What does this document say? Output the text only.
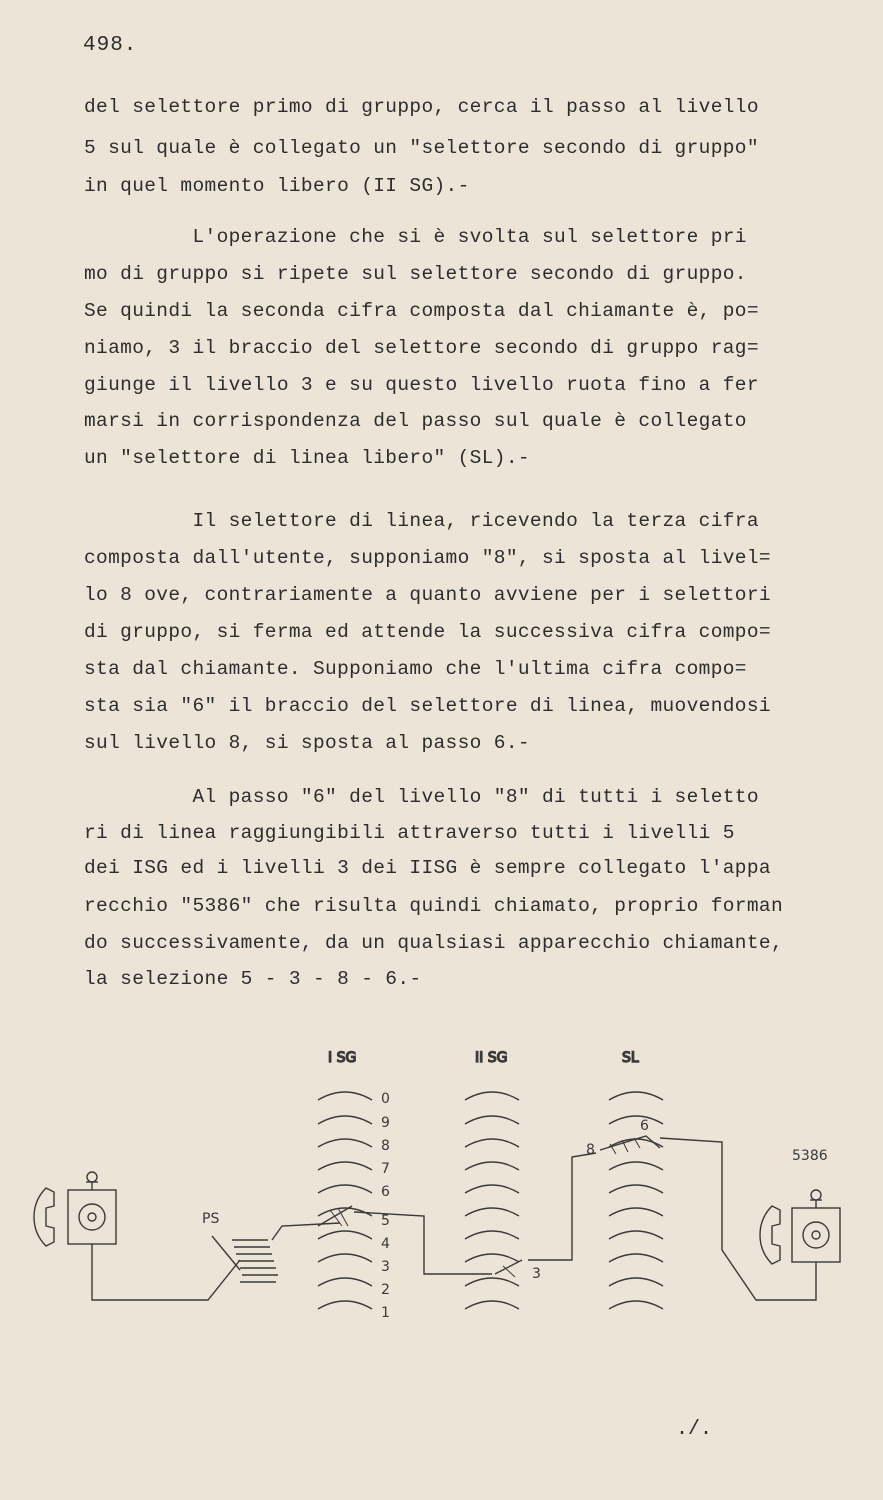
498.
del selettore primo di gruppo, cerca il passo al livello
5 sul quale è collegato un "selettore secondo di gruppo"
in quel momento libero (II SG).-
L'operazione che si è svolta sul selettore pri
mo di gruppo si ripete sul selettore secondo di gruppo.
Se quindi la seconda cifra composta dal chiamante è, po=
niamo, 3 il braccio del selettore secondo di gruppo rag=
giunge il livello 3 e su questo livello ruota fino a fer
marsi in corrispondenza del passo sul quale è collegato
un "selettore di linea libero" (SL).-
Il selettore di linea, ricevendo la terza cifra
composta dall'utente, supponiamo "8", si sposta al livel=
lo 8 ove, contrariamente a quanto avviene per i selettori
di gruppo, si ferma ed attende la successiva cifra compo=
sta dal chiamante. Supponiamo che l'ultima cifra compo=
sta sia "6" il braccio del selettore di linea, muovendosi
sul livello 8, si sposta al passo 6.-
Al passo "6" del livello "8" di tutti i seletto
ri di linea raggiungibili attraverso tutti i livelli 5
dei ISG ed i livelli 3 dei IISG è sempre collegato l'appa
recchio "5386" che risulta quindi chiamato, proprio forman
do successivamente, da un qualsiasi apparecchio chiamante,
la selezione 5 - 3 - 8 - 6.-
I SG	II SG	SL
0
9
8
7
6
5
4
3
2
1
PS
3
8
6
5386
./.
